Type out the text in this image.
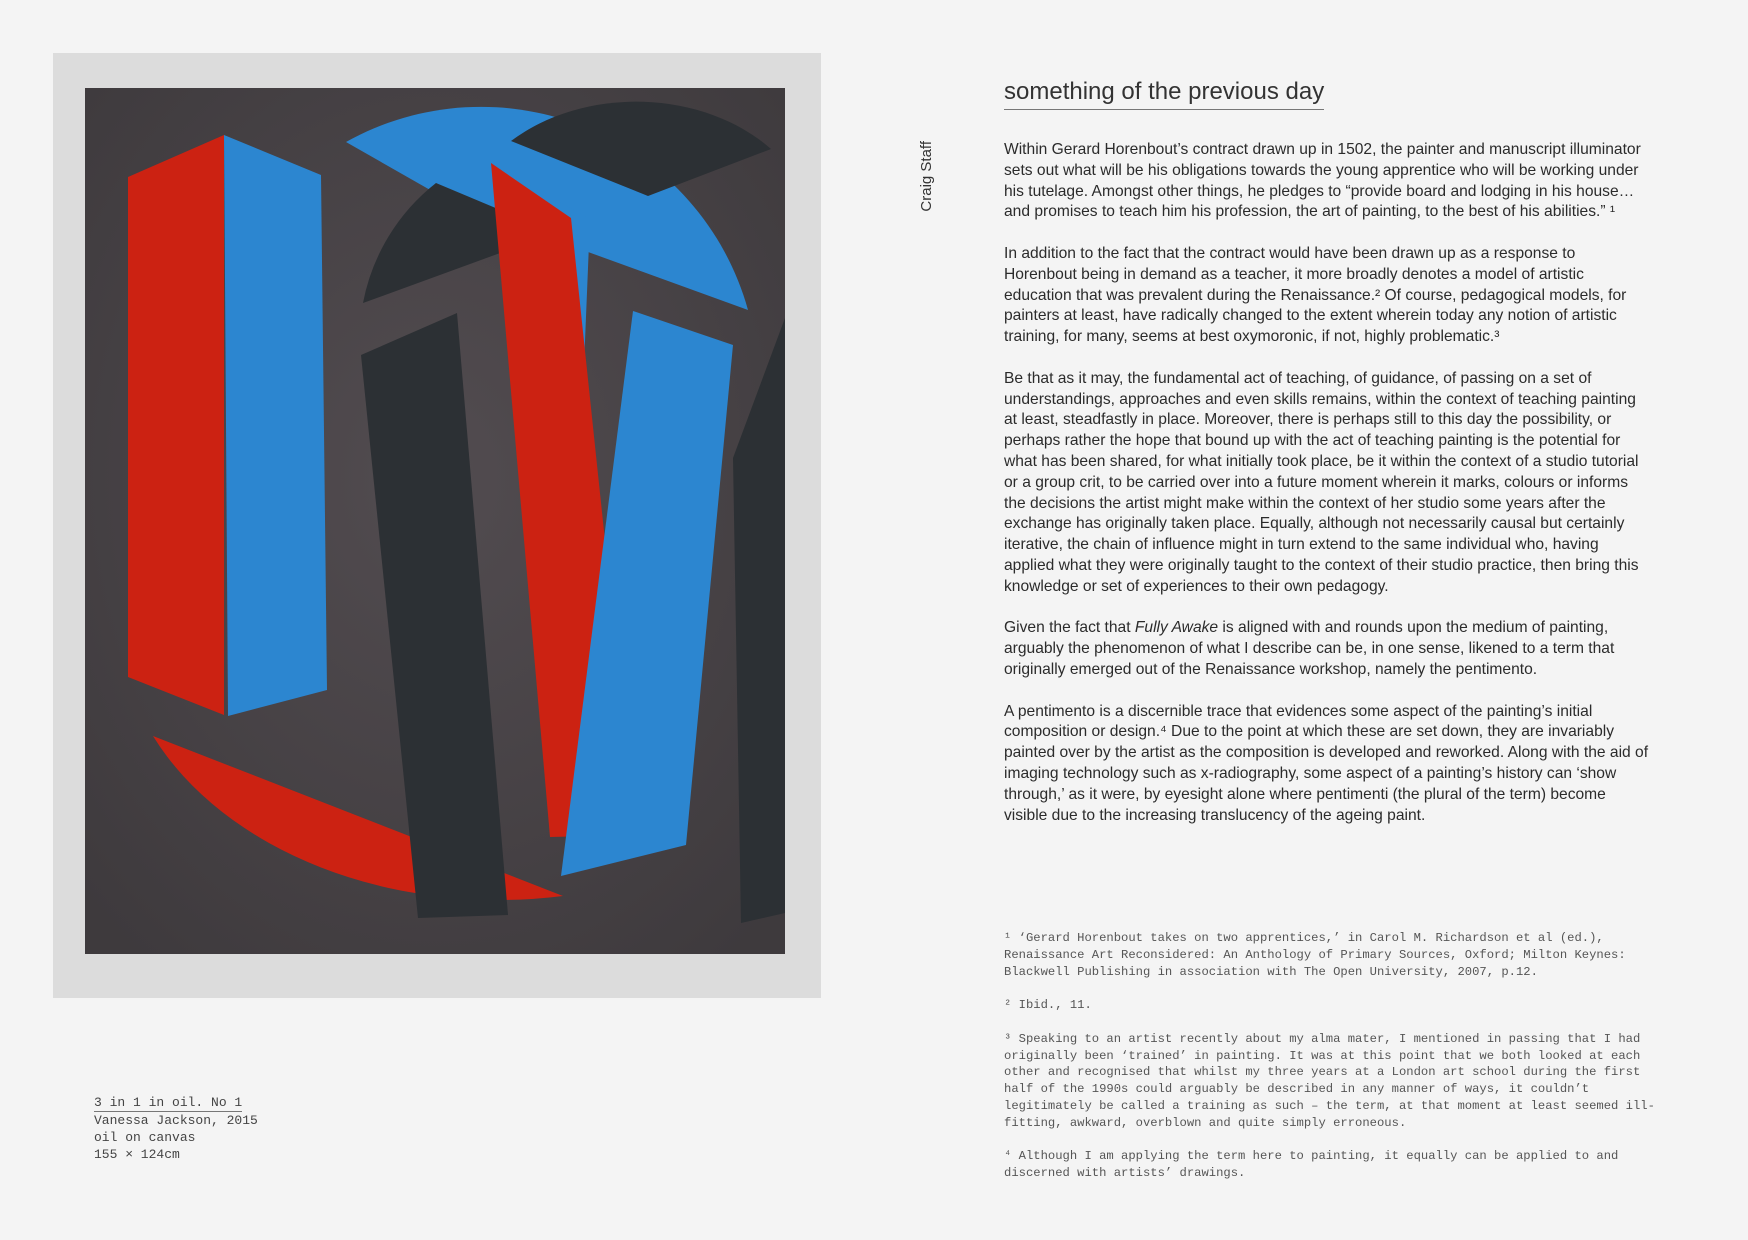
3 in 1 in oil. No 1
Vanessa Jackson, 2015
oil on canvas
155 × 124cm
Craig Staff
something of the previous day

Within Gerard Horenbout’s contract drawn up in 1502, the painter and manuscript illuminator sets out what will be his obligations towards the young apprentice who will be working under his tutelage. Amongst other things, he pledges to “provide board and lodging in his house… and promises to teach him his profession, the art of painting, to the best of his abilities.” ¹

In addition to the fact that the contract would have been drawn up as a response to Horenbout being in demand as a teacher, it more broadly denotes a model of artistic education that was prevalent during the Renaissance.² Of course, pedagogical models, for painters at least, have radically changed to the extent wherein today any notion of artistic training, for many, seems at best oxymoronic, if not, highly problematic.³

Be that as it may, the fundamental act of teaching, of guidance, of passing on a set of understandings, approaches and even skills remains, within the context of teaching painting at least, steadfastly in place. Moreover, there is perhaps still to this day the possibility, or perhaps rather the hope that bound up with the act of teaching painting is the potential for what has been shared, for what initially took place, be it within the context of a studio tutorial or a group crit, to be carried over into a future moment wherein it marks, colours or informs the decisions the artist might make within the context of her studio some years after the exchange has originally taken place. Equally, although not necessarily causal but certainly iterative, the chain of influence might in turn extend to the same individual who, having applied what they were originally taught to the context of their studio practice, then bring this knowledge or set of experiences to their own pedagogy.

Given the fact that Fully Awake is aligned with and rounds upon the medium of painting, arguably the phenomenon of what I describe can be, in one sense, likened to a term that originally emerged out of the Renaissance workshop, namely the pentimento.

A pentimento is a discernible trace that evidences some aspect of the painting’s initial composition or design.⁴ Due to the point at which these are set down, they are invariably painted over by the artist as the composition is developed and reworked. Along with the aid of imaging technology such as x-radiography, some aspect of a painting’s history can ‘show through,’ as it were, by eyesight alone where pentimenti (the plural of the term) become visible due to the increasing translucency of the ageing paint.

¹ ‘Gerard Horenbout takes on two apprentices,’ in Carol M. Richardson et al (ed.), Renaissance Art Reconsidered: An Anthology of Primary Sources, Oxford; Milton Keynes: Blackwell Publishing in association with The Open University, 2007, p.12.

² Ibid., 11.

³ Speaking to an artist recently about my alma mater, I mentioned in passing that I had originally been ‘trained’ in painting. It was at this point that we both looked at each other and recognised that whilst my three years at a London art school during the first half of the 1990s could arguably be described in any manner of ways, it couldn’t legitimately be called a training as such – the term, at that moment at least seemed ill-fitting, awkward, overblown and quite simply erroneous.

⁴ Although I am applying the term here to painting, it equally can be applied to and discerned with artists’ drawings.
